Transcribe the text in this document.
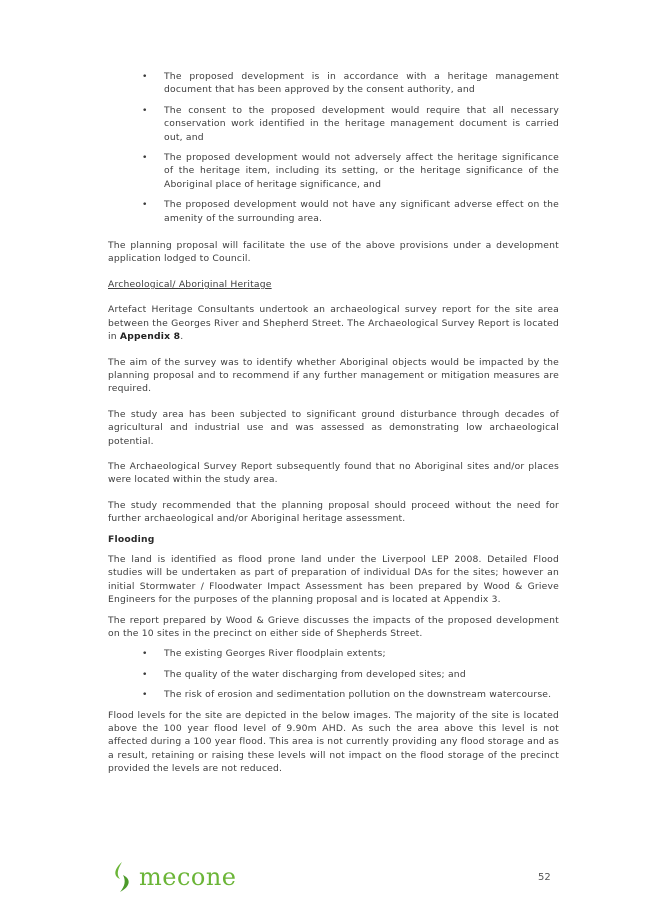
• The proposed development is in accordance with a heritage management document that has been approved by the consent authority, and
• The consent to the proposed development would require that all necessary conservation work identified in the heritage management document is carried out, and
• The proposed development would not adversely affect the heritage significance of the heritage item, including its setting, or the heritage significance of the Aboriginal place of heritage significance, and
• The proposed development would not have any significant adverse effect on the amenity of the surrounding area.

The planning proposal will facilitate the use of the above provisions under a development application lodged to Council.

Archeological/ Aboriginal Heritage

Artefact Heritage Consultants undertook an archaeological survey report for the site area between the Georges River and Shepherd Street. The Archaeological Survey Report is located in Appendix 8.

The aim of the survey was to identify whether Aboriginal objects would be impacted by the planning proposal and to recommend if any further management or mitigation measures are required.

The study area has been subjected to significant ground disturbance through decades of agricultural and industrial use and was assessed as demonstrating low archaeological potential.

The Archaeological Survey Report subsequently found that no Aboriginal sites and/or places were located within the study area.

The study recommended that the planning proposal should proceed without the need for further archaeological and/or Aboriginal heritage assessment.

Flooding

The land is identified as flood prone land under the Liverpool LEP 2008. Detailed Flood studies will be undertaken as part of preparation of individual DAs for the sites; however an initial Stormwater / Floodwater Impact Assessment has been prepared by Wood & Grieve Engineers for the purposes of the planning proposal and is located at Appendix 3.

The report prepared by Wood & Grieve discusses the impacts of the proposed development on the 10 sites in the precinct on either side of Shepherds Street.

• The existing Georges River floodplain extents;
• The quality of the water discharging from developed sites; and
• The risk of erosion and sedimentation pollution on the downstream watercourse.

Flood levels for the site are depicted in the below images. The majority of the site is located above the 100 year flood level of 9.90m AHD. As such the area above this level is not affected during a 100 year flood. This area is not currently providing any flood storage and as a result, retaining or raising these levels will not impact on the flood storage of the precinct provided the levels are not reduced.

mecone	52
